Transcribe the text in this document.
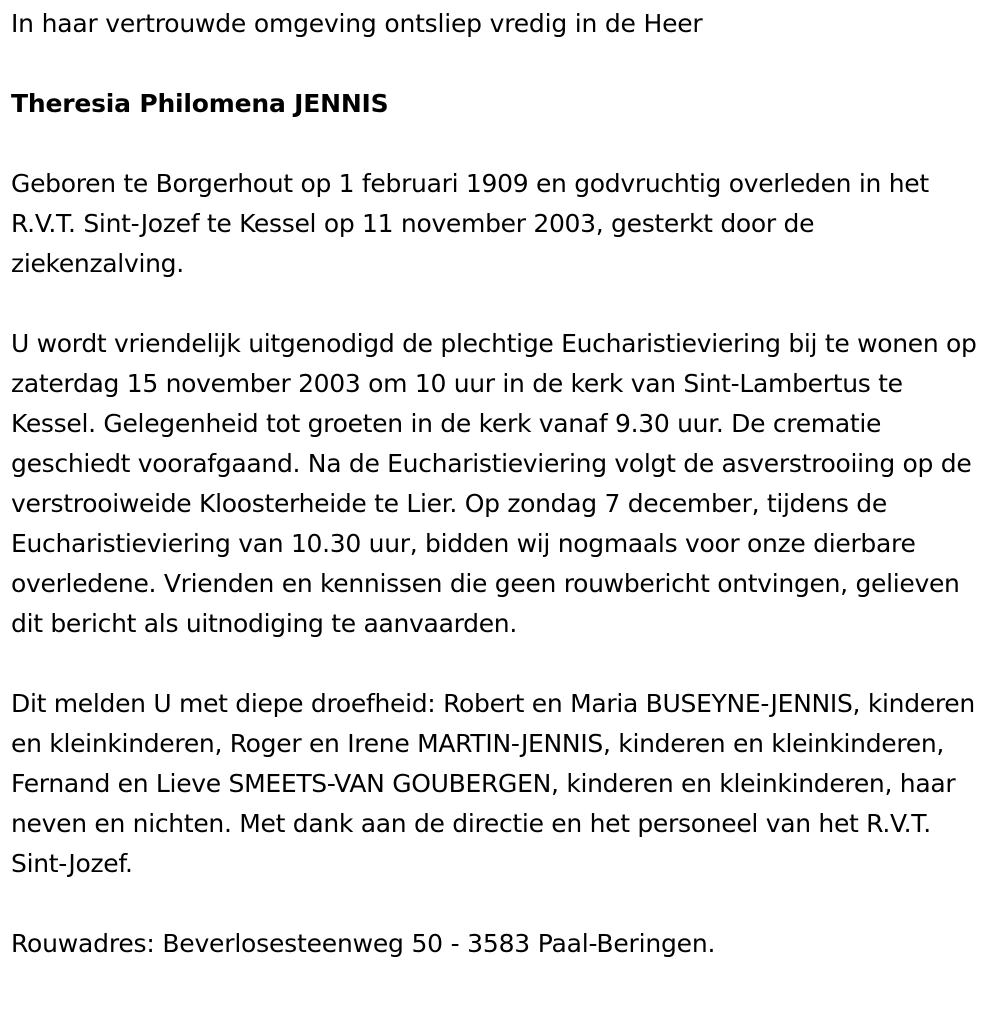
In haar vertrouwde omgeving ontsliep vredig in de Heer

Theresia Philomena JENNIS

Geboren te Borgerhout op 1 februari 1909 en godvruchtig overleden in het R.V.T. Sint-Jozef te Kessel op 11 november 2003, gesterkt door de ziekenzalving.

U wordt vriendelijk uitgenodigd de plechtige Eucharistieviering bij te wonen op zaterdag 15 november 2003 om 10 uur in de kerk van Sint-Lambertus te Kessel. Gelegenheid tot groeten in de kerk vanaf 9.30 uur. De crematie geschiedt voorafgaand. Na de Eucharistieviering volgt de asverstrooiing op de verstrooiweide Kloosterheide te Lier. Op zondag 7 december, tijdens de Eucharistieviering van 10.30 uur, bidden wij nogmaals voor onze dierbare overledene. Vrienden en kennissen die geen rouwbericht ontvingen, gelieven dit bericht als uitnodiging te aanvaarden.

Dit melden U met diepe droefheid: Robert en Maria BUSEYNE-JENNIS, kinderen en kleinkinderen, Roger en Irene MARTIN-JENNIS, kinderen en kleinkinderen, Fernand en Lieve SMEETS-VAN GOUBERGEN, kinderen en kleinkinderen, haar neven en nichten. Met dank aan de directie en het personeel van het R.V.T. Sint-Jozef.

Rouwadres: Beverlosesteenweg 50 - 3583 Paal-Beringen.
